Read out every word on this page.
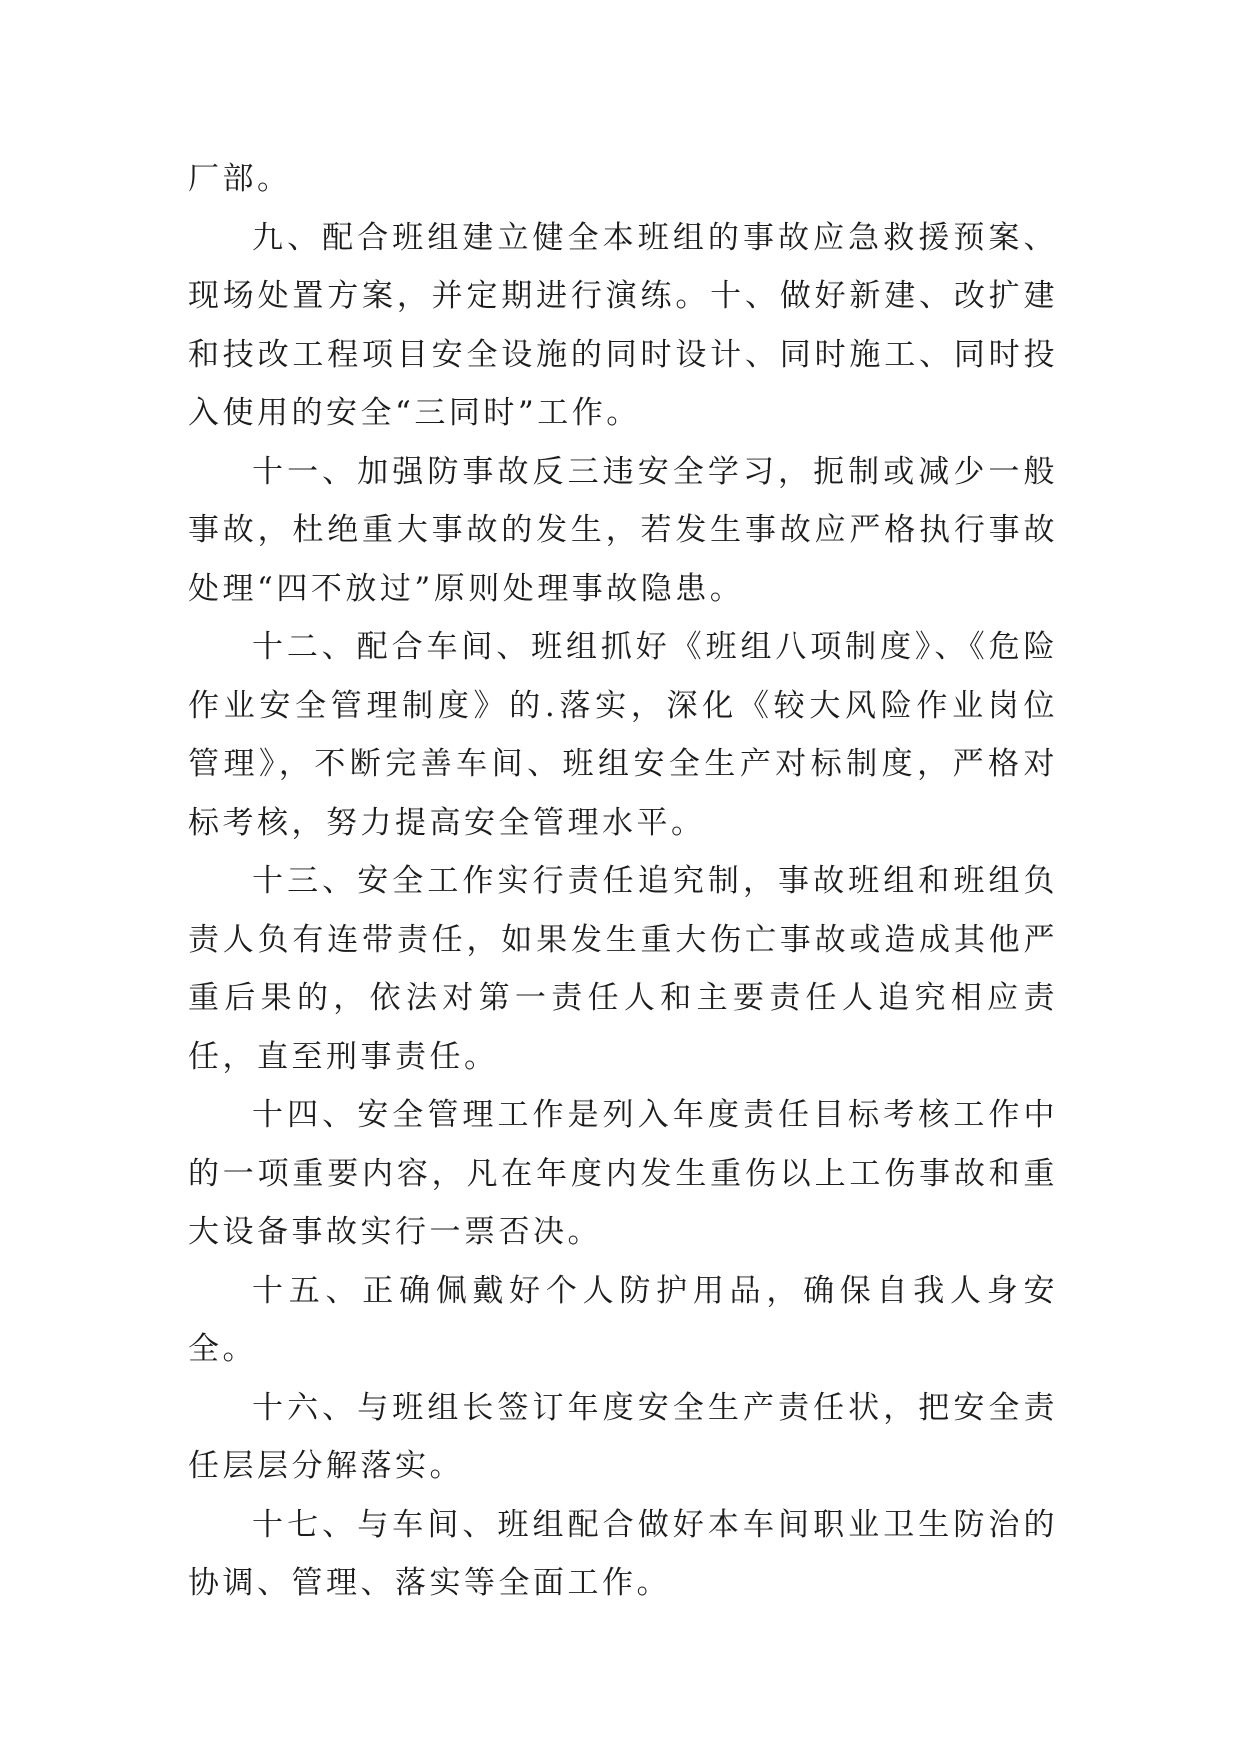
厂部。

九、配合班组建立健全本班组的事故应急救援预案、现场处置方案，并定期进行演练。十、做好新建、改扩建和技改工程项目安全设施的同时设计、同时施工、同时投入使用的安全“三同时”工作。

十一、加强防事故反三违安全学习，扼制或减少一般事故，杜绝重大事故的发生，若发生事故应严格执行事故处理“四不放过”原则处理事故隐患。

十二、配合车间、班组抓好《班组八项制度》、《危险作业安全管理制度》的.落实，深化《较大风险作业岗位管理》，不断完善车间、班组安全生产对标制度，严格对标考核，努力提高安全管理水平。

十三、安全工作实行责任追究制，事故班组和班组负责人负有连带责任，如果发生重大伤亡事故或造成其他严重后果的，依法对第一责任人和主要责任人追究相应责任，直至刑事责任。

十四、安全管理工作是列入年度责任目标考核工作中的一项重要内容，凡在年度内发生重伤以上工伤事故和重大设备事故实行一票否决。

十五、正确佩戴好个人防护用品，确保自我人身安全。

十六、与班组长签订年度安全生产责任状，把安全责任层层分解落实。

十七、与车间、班组配合做好本车间职业卫生防治的协调、管理、落实等全面工作。
